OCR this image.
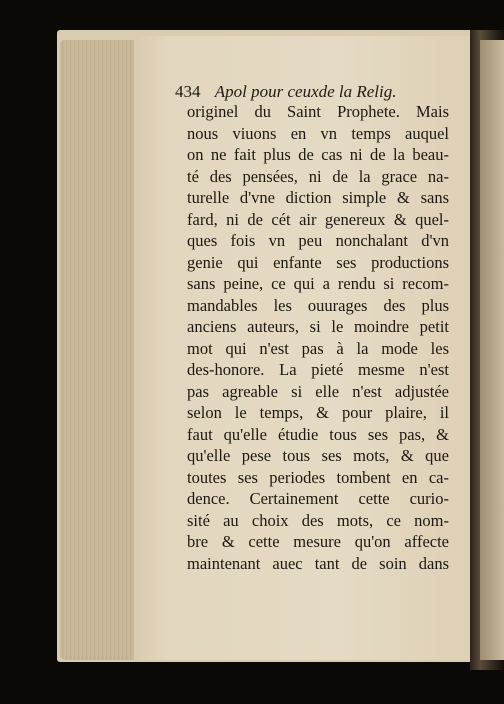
434 Apol pour ceuxde la Relig.
originel du Saint Prophete. Mais
nous viuons en vn temps auquel
on ne fait plus de cas ni de la beau-
té des pensées, ni de la grace na-
turelle d'vne diction simple & sans
fard, ni de cét air genereux & quel-
ques fois vn peu nonchalant d'vn
genie qui enfante ses productions
sans peine, ce qui a rendu si recom-
mandables les ouurages des plus
anciens auteurs, si le moindre petit
mot qui n'est pas à la mode les
des-honore. La pieté mesme n'est
pas agreable si elle n'est adjustée
selon le temps, & pour plaire, il
faut qu'elle étudie tous ses pas, &
qu'elle pese tous ses mots, & que
toutes ses periodes tombent en ca-
dence. Certainement cette curio-
sité au choix des mots, ce nom-
bre & cette mesure qu'on affecte
maintenant auec tant de soin dans
